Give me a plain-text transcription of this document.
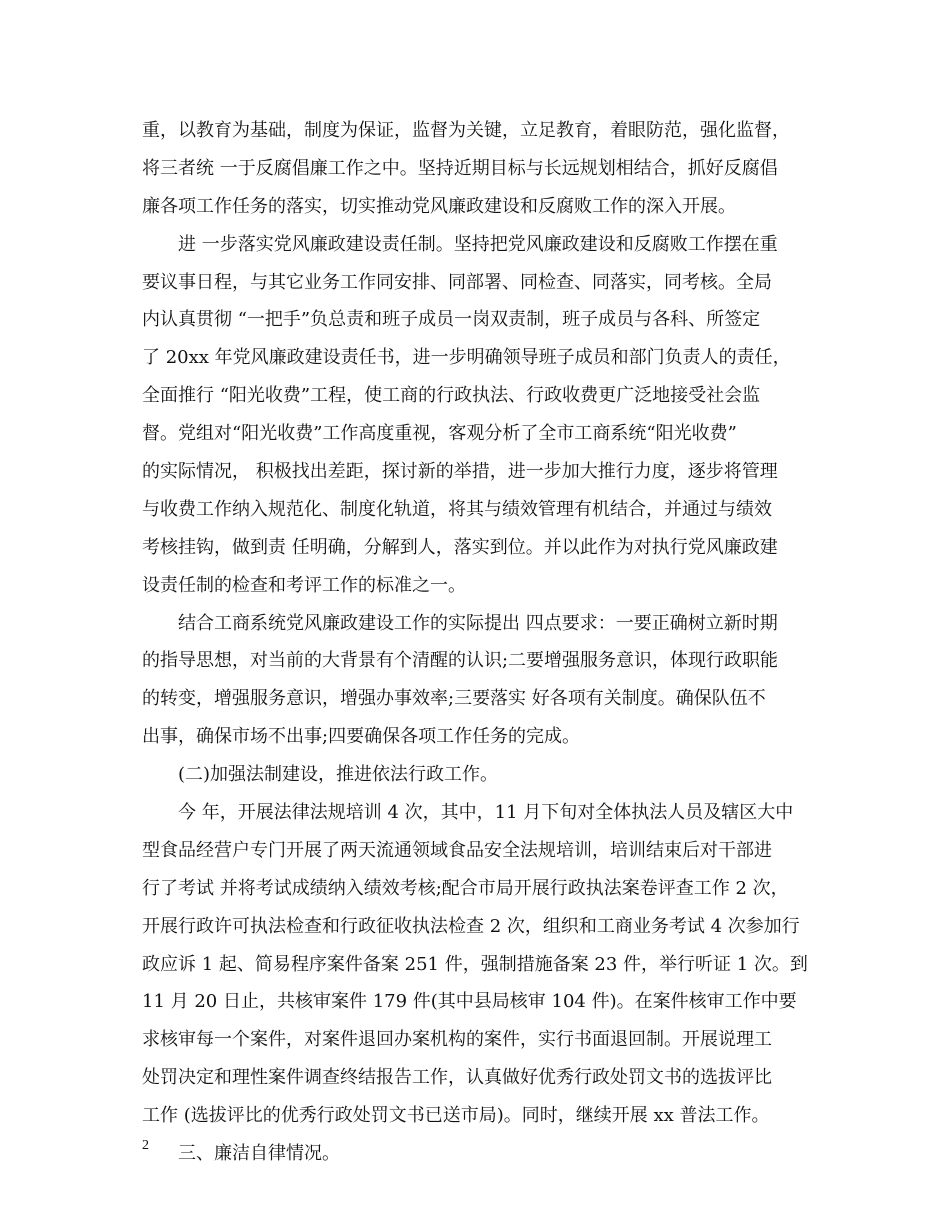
重，以教育为基础，制度为保证，监督为关键，立足教育，着眼防范，强化监督，
将三者统 一于反腐倡廉工作之中。坚持近期目标与长远规划相结合，抓好反腐倡
廉各项工作任务的落实，切实推动党风廉政建设和反腐败工作的深入开展。
进 一步落实党风廉政建设责任制。坚持把党风廉政建设和反腐败工作摆在重
要议事日程，与其它业务工作同安排、同部署、同检查、同落实，同考核。全局
内认真贯彻 “一把手”负总责和班子成员一岗双责制，班子成员与各科、所签定
了 20xx 年党风廉政建设责任书，进一步明确领导班子成员和部门负责人的责任，
全面推行 “阳光收费”工程，使工商的行政执法、行政收费更广泛地接受社会监
督。党组对“阳光收费”工作高度重视，客观分析了全市工商系统“阳光收费”
的实际情况， 积极找出差距，探讨新的举措，进一步加大推行力度，逐步将管理
与收费工作纳入规范化、制度化轨道，将其与绩效管理有机结合，并通过与绩效
考核挂钩，做到责 任明确，分解到人，落实到位。并以此作为对执行党风廉政建
设责任制的检查和考评工作的标准之一。
结合工商系统党风廉政建设工作的实际提出 四点要求：一要正确树立新时期
的指导思想，对当前的大背景有个清醒的认识;二要增强服务意识，体现行政职能
的转变，增强服务意识，增强办事效率;三要落实 好各项有关制度。确保队伍不
出事，确保市场不出事;四要确保各项工作任务的完成。
(二)加强法制建设，推进依法行政工作。
今 年，开展法律法规培训 4 次，其中，11 月下旬对全体执法人员及辖区大中
型食品经营户专门开展了两天流通领域食品安全法规培训，培训结束后对干部进
行了考试 并将考试成绩纳入绩效考核;配合市局开展行政执法案卷评查工作 2 次，
开展行政许可执法检查和行政征收执法检查 2 次，组织和工商业务考试 4 次参加行
政应诉 1 起、简易程序案件备案 251 件，强制措施备案 23 件，举行听证 1 次。到
11 月 20 日止，共核审案件 179 件(其中县局核审 104 件)。在案件核审工作中要
求核审每一个案件，对案件退回办案机构的案件，实行书面退回制。开展说理工
处罚决定和理性案件调查终结报告工作，认真做好优秀行政处罚文书的选拔评比
工作 (选拔评比的优秀行政处罚文书已送市局)。同时，继续开展 xx 普法工作。
三、廉洁自律情况。
2
